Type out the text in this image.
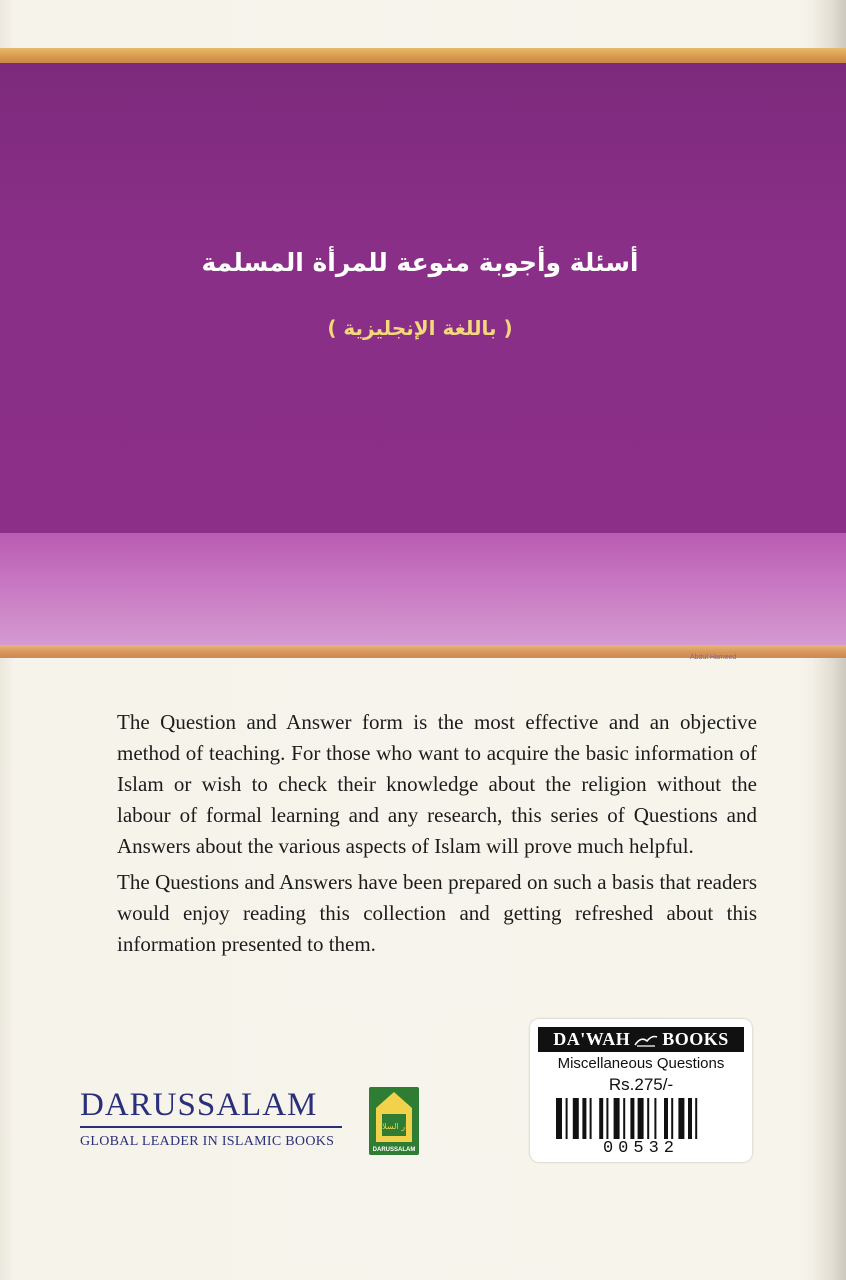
Abdul Hameed
أسئلة وأجوبة منوعة للمرأة المسلمة
( باللغة الإنجليزية )

The Question and Answer form is the most effective and an objective method of teaching. For those who want to acquire the basic information of Islam or wish to check their knowledge about the religion without the labour of formal learning and any research, this series of Questions and Answers about the various aspects of Islam will prove much helpful.

The Questions and Answers have been prepared on such a basis that readers would enjoy reading this collection and getting refreshed about this information presented to them.

DARUSSALAM
GLOBAL LEADER IN ISLAMIC BOOKS
دار السلام
DARUSSALAM
DA'WAH BOOKS
Miscellaneous Questions
Rs.275/-
00532
